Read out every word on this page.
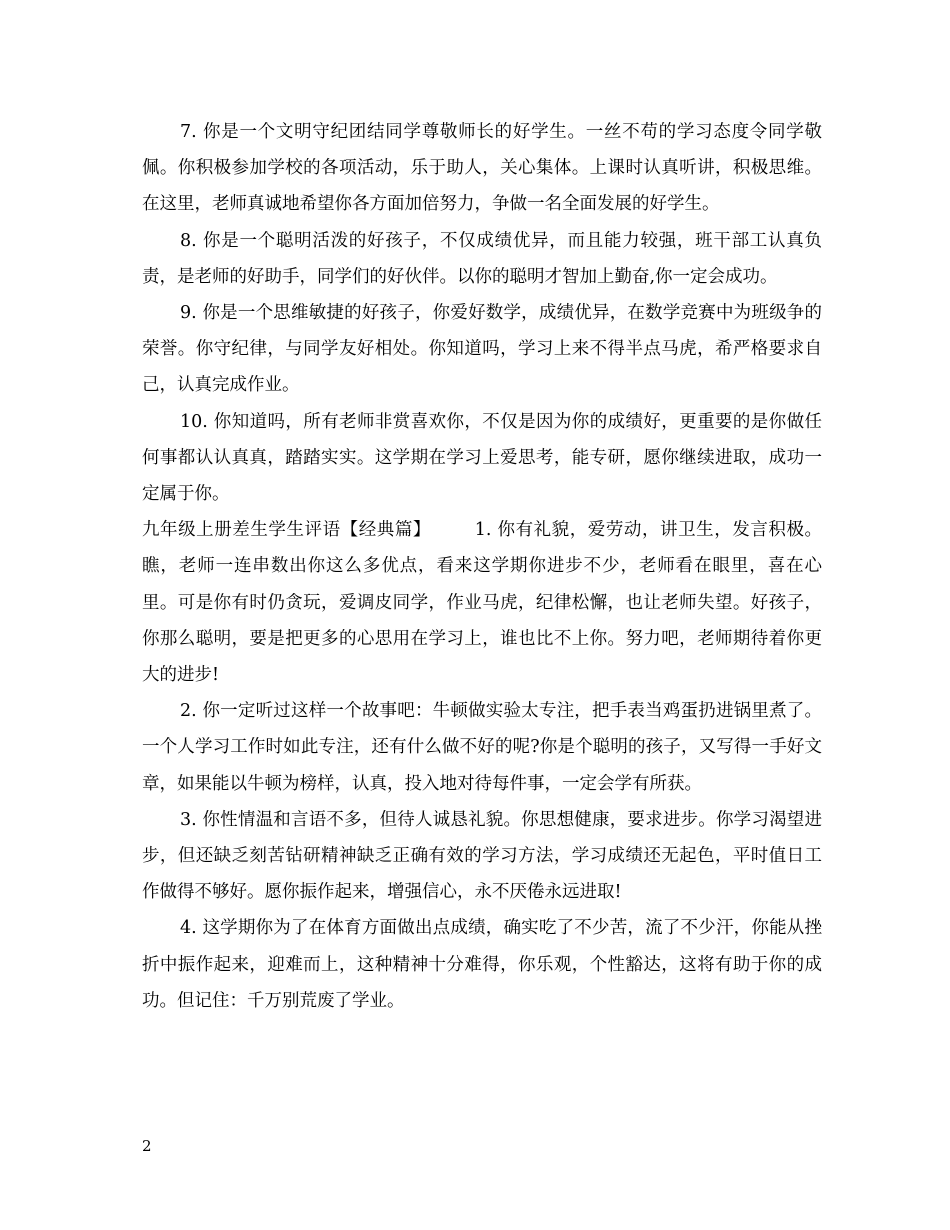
7. 你是一个文明守纪团结同学尊敬师长的好学生。一丝不苟的学习态度令同学敬佩。你积极参加学校的各项活动，乐于助人，关心集体。上课时认真听讲，积极思维。在这里，老师真诚地希望你各方面加倍努力，争做一名全面发展的好学生。

8. 你是一个聪明活泼的好孩子，不仅成绩优异，而且能力较强，班干部工认真负责，是老师的好助手，同学们的好伙伴。以你的聪明才智加上勤奋,你一定会成功。

9. 你是一个思维敏捷的好孩子，你爱好数学，成绩优异，在数学竞赛中为班级争的荣誉。你守纪律，与同学友好相处。你知道吗，学习上来不得半点马虎，希严格要求自己，认真完成作业。

10. 你知道吗，所有老师非赏喜欢你，不仅是因为你的成绩好，更重要的是你做任何事都认认真真，踏踏实实。这学期在学习上爱思考，能专研，愿你继续进取，成功一定属于你。

九年级上册差生学生评语【经典篇】   	1. 你有礼貌，爱劳动，讲卫生，发言积极。瞧，老师一连串数出你这么多优点，看来这学期你进步不少，老师看在眼里，喜在心里。可是你有时仍贪玩，爱调皮同学，作业马虎，纪律松懈，也让老师失望。好孩子，你那么聪明，要是把更多的心思用在学习上，谁也比不上你。努力吧，老师期待着你更大的进步!

2. 你一定听过这样一个故事吧：牛顿做实验太专注，把手表当鸡蛋扔进锅里煮了。一个人学习工作时如此专注，还有什么做不好的呢?你是个聪明的孩子，又写得一手好文章，如果能以牛顿为榜样，认真，投入地对待每件事，一定会学有所获。

3. 你性情温和言语不多，但待人诚恳礼貌。你思想健康，要求进步。你学习渴望进步，但还缺乏刻苦钻研精神缺乏正确有效的学习方法，学习成绩还无起色，平时值日工作做得不够好。愿你振作起来，增强信心，永不厌倦永远进取!

4. 这学期你为了在体育方面做出点成绩，确实吃了不少苦，流了不少汗，你能从挫折中振作起来，迎难而上，这种精神十分难得，你乐观，个性豁达，这将有助于你的成功。但记住：千万别荒废了学业。

2
